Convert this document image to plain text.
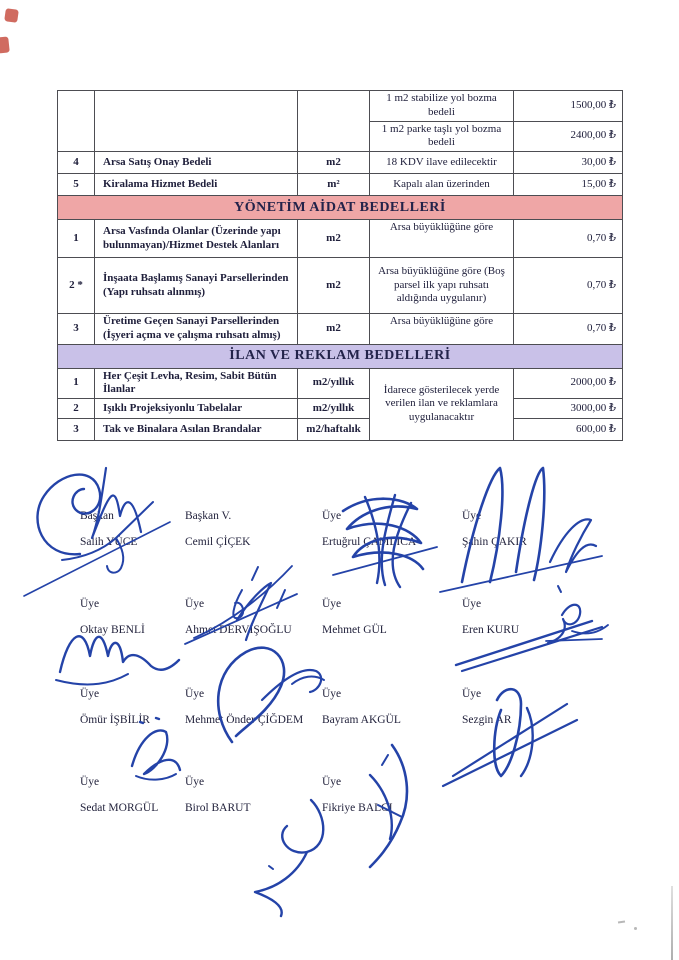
			1 m2 stabilize yol bozma bedeli	1500,00 ₺
			1 m2 parke taşlı yol bozma bedeli	2400,00 ₺
4	Arsa Satış Onay Bedeli	m2	18 KDV ilave edilecektir	30,00 ₺
5	Kiralama Hizmet Bedeli	m²	Kapalı alan üzerinden	15,00 ₺
YÖNETİM AİDAT BEDELLERİ				
1	Arsa Vasfında Olanlar (Üzerinde yapı bulunmayan)/Hizmet Destek Alanları	m2	Arsa büyüklüğüne göre	0,70 ₺
2 *	İnşaata Başlamış Sanayi Parsellerinden (Yapı ruhsatı alınmış)	m2	Arsa büyüklüğüne göre (Boş parsel ilk yapı ruhsatı aldığında uygulanır)	0,70 ₺
3	Üretime Geçen Sanayi Parsellerinden (İşyeri açma ve çalışma ruhsatı almış)	m2	Arsa büyüklüğüne göre	0,70 ₺
İLAN VE REKLAM BEDELLERİ				
1	Her Çeşit Levha, Resim, Sabit Bütün İlanlar	m2/yıllık	İdarece gösterilecek yerde verilen ilan ve reklamlara uygulanacaktır	2000,00 ₺
2	Işıklı Projeksiyonlu Tabelalar	m2/yıllık		3000,00 ₺
3	Tak ve Binalara Asılan Brandalar	m2/haftalık		600,00 ₺
Başkan
Salih YÜCE
Başkan V.
Cemil ÇİÇEK
Üye
Ertuğrul ÇAMLICA
Üye
Şahin ÇAKIR
Üye
Oktay BENLİ
Üye
Ahmet DERVİŞOĞLU
Üye
Mehmet GÜL
Üye
Eren KURU
Üye
Ömür İŞBİLİR
Üye
Mehmet Önder ÇİĞDEM
Üye
Bayram AKGÜL
Üye
Sezgin AR
Üye
Sedat MORGÜL
Üye
Birol BARUT
Üye
Fikriye BALCI
